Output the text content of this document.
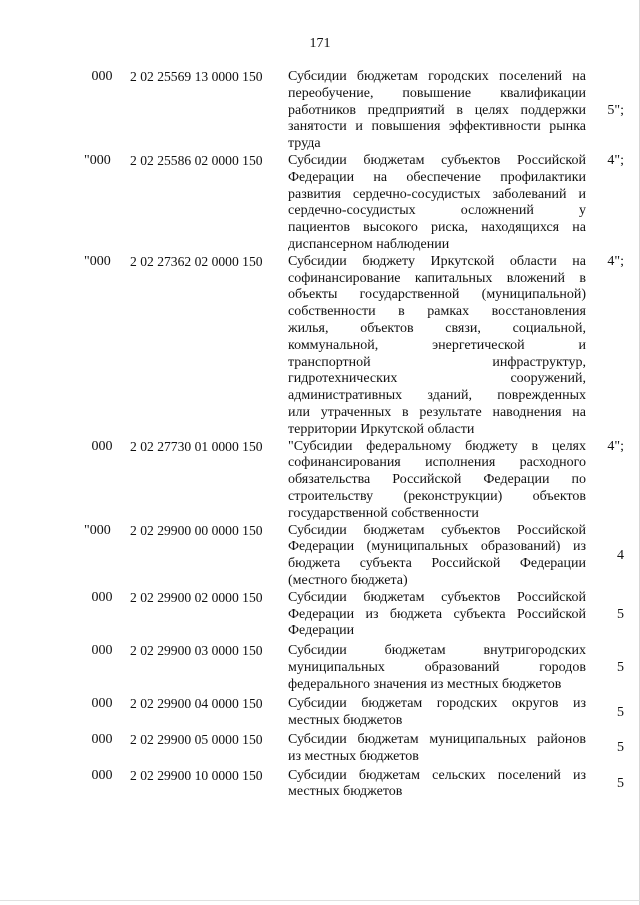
171
000	2 02 25569 13 0000 150	Субсидии бюджетам городских поселений на
переобучение, повышение квалификации
работников предприятий в целях поддержки
занятости и повышения эффективности рынка
труда
5";
"000	2 02 25586 02 0000 150	Субсидии бюджетам субъектов Российской
Федерации на обеспечение профилактики
развития сердечно-сосудистых заболеваний и
сердечно-сосудистых осложнений у
пациентов высокого риска, находящихся на
диспансерном наблюдении
4";
"000	2 02 27362 02 0000 150	Субсидии бюджету Иркутской области на
софинансирование капитальных вложений в
объекты государственной (муниципальной)
собственности в рамках восстановления
жилья, объектов связи, социальной,
коммунальной, энергетической и
транспортной инфраструктур,
гидротехнических сооружений,
административных зданий, поврежденных
или утраченных в результате наводнения на
территории Иркутской области
4";
000	2 02 27730 01 0000 150	"Субсидии федеральному бюджету в целях
софинансирования исполнения расходного
обязательства Российской Федерации по
строительству (реконструкции) объектов
государственной собственности
4";
"000	2 02 29900 00 0000 150	Субсидии бюджетам субъектов Российской
Федерации (муниципальных образований) из
бюджета субъекта Российской Федерации
(местного бюджета)
4
000	2 02 29900 02 0000 150	Субсидии бюджетам субъектов Российской
Федерации из бюджета субъекта Российской
Федерации
5
000	2 02 29900 03 0000 150	Субсидии бюджетам внутригородских
муниципальных образований городов
федерального значения из местных бюджетов
5
000	2 02 29900 04 0000 150	Субсидии бюджетам городских округов из
местных бюджетов
5
000	2 02 29900 05 0000 150	Субсидии бюджетам муниципальных районов
из местных бюджетов
5
000	2 02 29900 10 0000 150	Субсидии бюджетам сельских поселений из
местных бюджетов
5
